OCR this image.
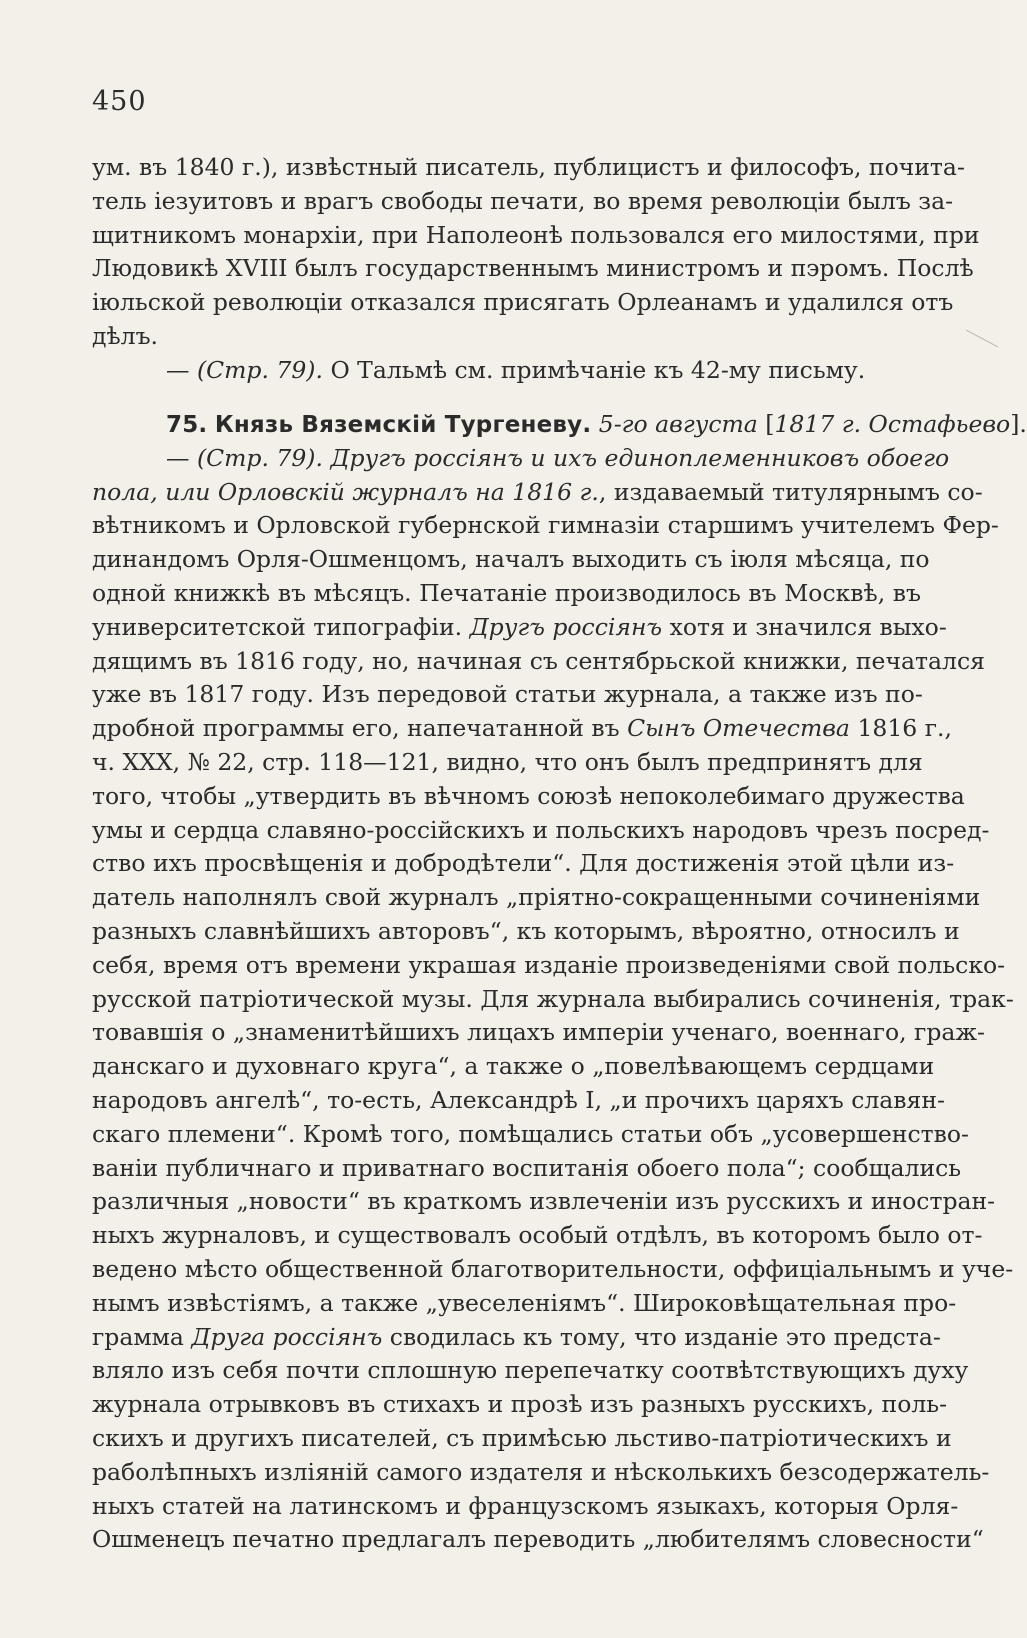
450
ум. въ 1840 г.), извѣстный писатель, публицистъ и философъ, почита-
тель іезуитовъ и врагъ свободы печати, во время революціи былъ за-
щитникомъ монархіи, при Наполеонѣ пользовался его милостями, при
Людовикѣ XVIII былъ государственнымъ министромъ и пэромъ. Послѣ
іюльской революціи отказался присягать Орлеанамъ и удалился отъ
дѣлъ.
— (Стр. 79). О Тальмѣ см. примѣчаніе къ 42-му письму.
75. Князь Вяземскій Тургеневу. 5-го августа [1817 г. Остафьево].
— (Стр. 79). Другъ россіянъ и ихъ единоплеменниковъ обоего
пола, или Орловскій журналъ на 1816 г., издаваемый титулярнымъ со-
вѣтникомъ и Орловской губернской гимназіи старшимъ учителемъ Фер-
динандомъ Орля-Ошменцомъ, началъ выходить съ іюля мѣсяца, по
одной книжкѣ въ мѣсяцъ. Печатаніе производилось въ Москвѣ, въ
университетской типографіи. Другъ россіянъ хотя и значился выхо-
дящимъ въ 1816 году, но, начиная съ сентябрьской книжки, печатался
уже въ 1817 году. Изъ передовой статьи журнала, а также изъ по-
дробной программы его, напечатанной въ Сынъ Отечества 1816 г.,
ч. XXX, № 22, стр. 118—121, видно, что онъ былъ предпринятъ для
того, чтобы „утвердить въ вѣчномъ союзѣ непоколебимаго дружества
умы и сердца славяно-россійскихъ и польскихъ народовъ чрезъ посред-
ство ихъ просвѣщенія и добродѣтели“. Для достиженія этой цѣли из-
датель наполнялъ свой журналъ „пріятно-сокращенными сочиненіями
разныхъ славнѣйшихъ авторовъ“, къ которымъ, вѣроятно, относилъ и
себя, время отъ времени украшая изданіе произведеніями свой польско-
русской патріотической музы. Для журнала выбирались сочиненія, трак-
товавшія о „знаменитѣйшихъ лицахъ имперіи ученаго, военнаго, граж-
данскаго и духовнаго круга“, а также о „повелѣвающемъ сердцами
народовъ ангелѣ“, то-есть, Александрѣ I, „и прочихъ царяхъ славян-
скаго племени“. Кромѣ того, помѣщались статьи объ „усовершенство-
ваніи публичнаго и приватнаго воспитанія обоего пола“; сообщались
различныя „новости“ въ краткомъ извлеченіи изъ русскихъ и иностран-
ныхъ журналовъ, и существовалъ особый отдѣлъ, въ которомъ было от-
ведено мѣсто общественной благотворительности, оффиціальнымъ и уче-
нымъ извѣстіямъ, а также „увеселеніямъ“. Широковѣщательная про-
грамма Друга россіянъ сводилась къ тому, что изданіе это предста-
вляло изъ себя почти сплошную перепечатку соотвѣтствующихъ духу
журнала отрывковъ въ стихахъ и прозѣ изъ разныхъ русскихъ, поль-
скихъ и другихъ писателей, съ примѣсью льстиво-патріотическихъ и
раболѣпныхъ изліяній самого издателя и нѣсколькихъ безсодержатель-
ныхъ статей на латинскомъ и французскомъ языкахъ, которыя Орля-
Ошменецъ печатно предлагалъ переводить „любителямъ словесности“
